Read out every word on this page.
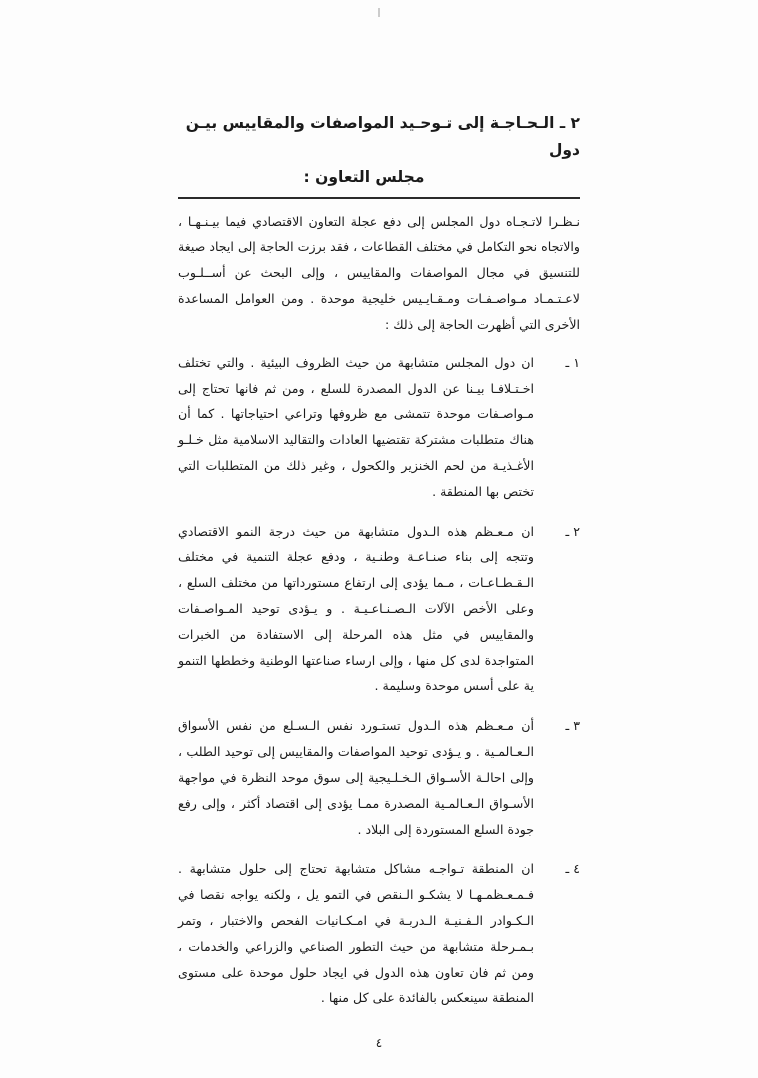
٢ ـ الـحـاجـة إلى تـوحـيد المواصفات والمقاييس بيـن دول
مجلس التعاون :

نـظـرا لاتـجـاه دول المجلس إلى دفع عجلة التعاون الاقتصادي فيما بيـنـهـا ، والاتجاه نحو التكامل في مختلف القطاعات ، فقد برزت الحاجة إلى ايجاد صيغة للتنسيق في مجال المواصفات والمقاييس ، وإلى البحث عن أســلـوب لاعـتـمـاد مـواصـفـات ومـقـايـيس خليجية موحدة . ومن العوامل المساعدة الأخرى التي أظهرت الحاجة إلى ذلك :

١ ـ
ان دول المجلس متشابهة من حيث الظروف البيئية . والتي تختلف اخـتـلافـا بيـنا عن الدول المصدرة للسلع ، ومن ثم فانها تحتاج إلى مـواصـفات موحدة تتمشى مع ظروفها وتراعي احتياجاتها . كما أن هناك متطلبات مشتركة تقتضيها العادات والتقاليد الاسلامية مثل خـلـو الأغـذيـة من لحم الخنزير والكحول ، وغير ذلك من المتطلبات التي تختص بها المنطقة .
٢ ـ
ان مـعـظم هذه الـدول متشابهة من حيث درجة النمو الاقتصادي وتتجه إلى بناء صنـاعـة وطنـية ، ودفع عجلة التنمية في مختلف الـقـطـاعـات ، مـما يؤدى إلى ارتفاع مستورداتها من مختلف السلع ، وعلى الأخص الآلات الـصـنـاعـيـة . و يـؤدى توحيد المـواصـفات والمقاييس في مثل هذه المرحلة إلى الاستفادة من الخبرات المتواجدة لدى كل منها ، وإلى ارساء صناعتها الوطنية وخططها التنمو ية على أسس موحدة وسليمة .
٣ ـ
أن مـعـظم هذه الـدول تستـورد نفس الـسـلع من نفس الأسواق الـعـالمـية . و يـؤدى توحيد المواصفات والمقاييس إلى توحيد الطلب ، وإلى احالـة الأسـواق الـخـلـيجية إلى سوق موحد النظرة في مواجهة الأسـواق الـعـالمـية المصدرة ممـا يؤدى إلى اقتصاد أكثر ، وإلى رفع جودة السلع المستوردة إلى البلاد .
٤ ـ
ان المنطقة تـواجـه مشاكل متشابهة تحتاج إلى حلول متشابهة . فـمـعـظمـهـا لا يشكـو الـنقص في التمو يل ، ولكنه يواجه نقصا في الـكـوادر الـفـنيـة الـدربـة في امـكـانيات الفحص والاختبار ، وتمر بـمـرحلة متشابهة من حيث التطور الصناعي والزراعي والخدمات ، ومن ثم فان تعاون هذه الدول في ايجاد حلول موحدة على مستوى المنطقة سينعكس بالفائدة على كل منها .
٤
